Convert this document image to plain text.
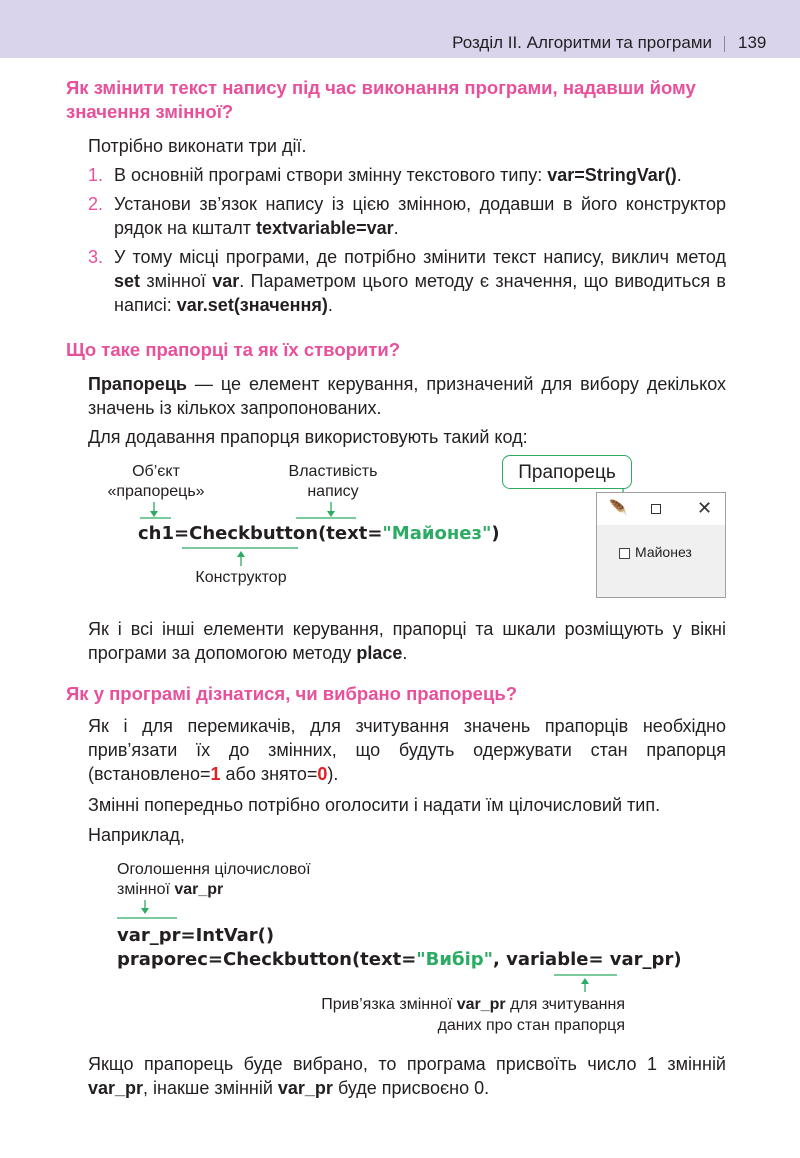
Розділ ІІ. Алгоритми та програми 139
Як змінити текст напису під час виконання програми, надавши йому значення змінної?
Потрібно виконати три дії.
1. В основній програмі створи змінну текстового типу: var=StringVar().
2. Установи зв’язок напису із цією змінною, додавши в його конструктор рядок на кшталт textvariable=var.
3. У тому місці програми, де потрібно змінити текст напису, виклич метод set змінної var. Параметром цього методу є значення, що виводиться в написі: var.set(значення).
Що таке прапорці та як їх створити?
Прапорець — це елемент керування, призначений для вибору декількох значень із кількох запропонованих.
Для додавання прапорця використовують такий код:
Об’єкт
«прапорець»
Властивість
напису
ch1=Checkbutton(text="Майонез")
Конструктор
Прапорець
🪶	✕
Майонез
Як і всі інші елементи керування, прапорці та шкали розміщують у вікні програми за допомогою методу place.
Як у програмі дізнатися, чи вибрано прапорець?
Як і для перемикачів, для зчитування значень прапорців необхідно прив’язати їх до змінних, що будуть одержувати стан прапорця (встановлено=1 або знято=0).
Змінні попередньо потрібно оголосити і надати їм цілочисловий тип.
Наприклад,
Оголошення цілочислової
змінної var_pr
var_pr=IntVar()
praporec=Checkbutton(text="Вибір", variable= var_pr)
Прив’язка змінної var_pr для зчитування
даних про стан прапорця
Якщо прапорець буде вибрано, то програма присвоїть число 1 змінній var_pr, інакше змінній var_pr буде присвоєно 0.
